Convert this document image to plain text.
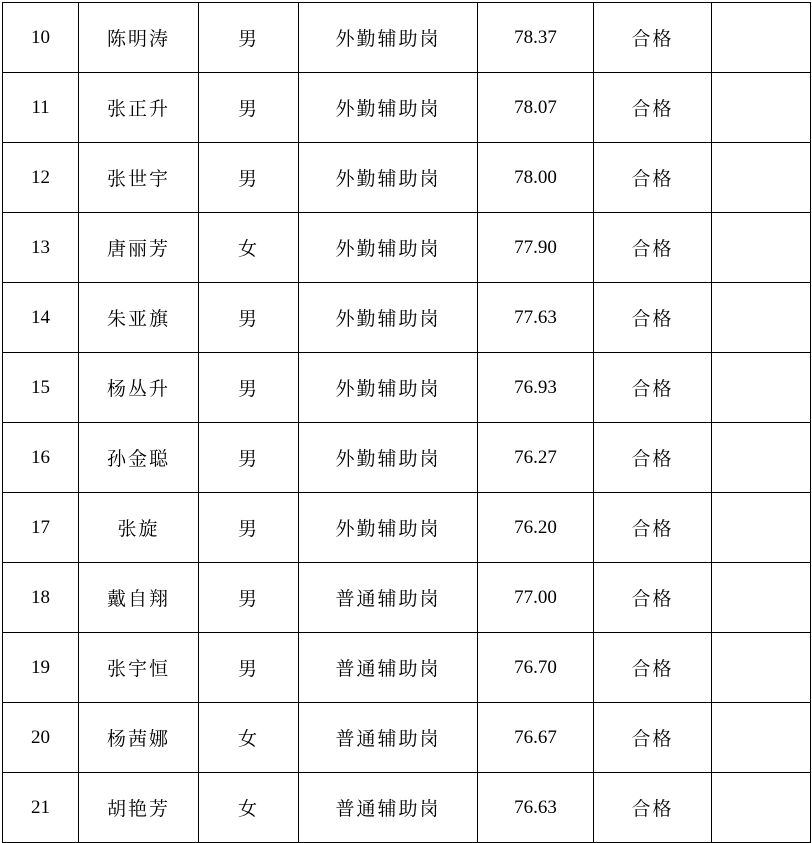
10	陈明涛	男	外勤辅助岗	78.37	合格	
11	张正升	男	外勤辅助岗	78.07	合格	
12	张世宇	男	外勤辅助岗	78.00	合格	
13	唐丽芳	女	外勤辅助岗	77.90	合格	
14	朱亚旗	男	外勤辅助岗	77.63	合格	
15	杨丛升	男	外勤辅助岗	76.93	合格	
16	孙金聪	男	外勤辅助岗	76.27	合格	
17	张旋	男	外勤辅助岗	76.20	合格	
18	戴自翔	男	普通辅助岗	77.00	合格	
19	张宇恒	男	普通辅助岗	76.70	合格	
20	杨茜娜	女	普通辅助岗	76.67	合格	
21	胡艳芳	女	普通辅助岗	76.63	合格	
